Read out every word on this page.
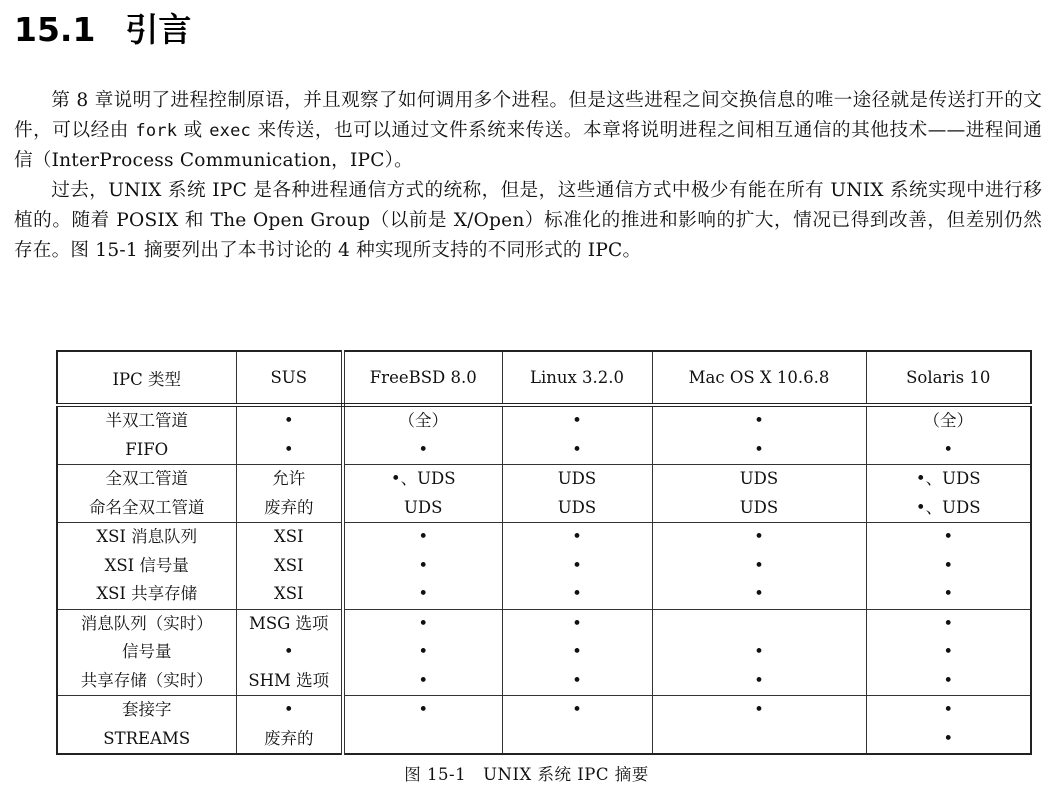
15.1 引言

第 8 章说明了进程控制原语，并且观察了如何调用多个进程。但是这些进程之间交换信息的唯一途径就是传送打开的文件，可以经由 fork 或 exec 来传送，也可以通过文件系统来传送。本章将说明进程之间相互通信的其他技术——进程间通信（InterProcess Communication，IPC）。

过去，UNIX 系统 IPC 是各种进程通信方式的统称，但是，这些通信方式中极少有能在所有 UNIX 系统实现中进行移植的。随着 POSIX 和 The Open Group（以前是 X/Open）标准化的推进和影响的扩大，情况已得到改善，但差别仍然存在。图 15-1 摘要列出了本书讨论的 4 种实现所支持的不同形式的 IPC。

IPC 类型	SUS	FreeBSD 8.0	Linux 3.2.0	Mac OS X 10.6.8	Solaris 10
半双工管道	•	（全）	•	•	（全）
FIFO	•	•	•	•	•
全双工管道	允许	•、UDS	UDS	UDS	•、UDS
命名全双工管道	废弃的	UDS	UDS	UDS	•、UDS
XSI 消息队列	XSI	•	•	•	•
XSI 信号量	XSI	•	•	•	•
XSI 共享存储	XSI	•	•	•	•
消息队列（实时）	MSG 选项	•	•		•
信号量	•	•	•	•	•
共享存储（实时）	SHM 选项	•	•	•	•
套接字	•	•	•	•	•
STREAMS	废弃的				•
图 15-1　UNIX 系统 IPC 摘要
